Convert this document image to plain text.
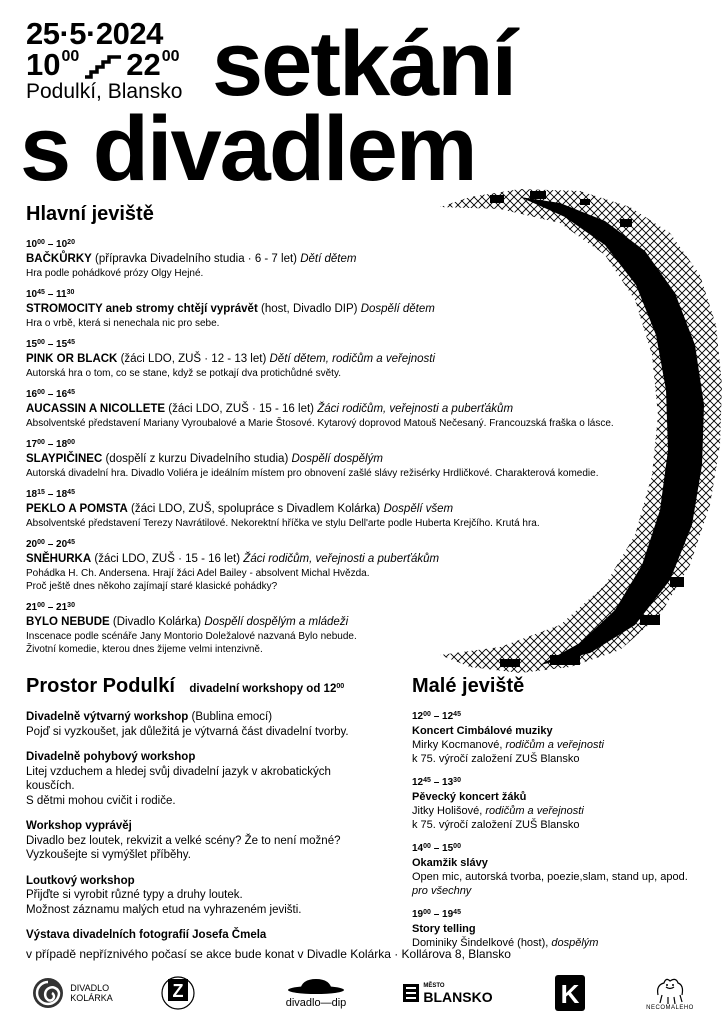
25·5·2024
$10^{00}$ $22^{00}$
Podulkí, Blansko setkání
s divadlem
Hlavní jeviště
$10^{00} - 10^{20}$
BAČKŮRKY (přípravka Divadelního studia · 6 - 7 let) Dětí dětem
Hra podle pohádkové prózy Olgy Hejné.
$10^{45} - 11^{30}$
STROMOCITY aneb stromy chtějí vyprávět (host, Divadlo DIP) Dospělí dětem
Hra o vrbě, která si nenechala nic pro sebe.
$15^{00} - 15^{45}$
PINK OR BLACK (žáci LDO, ZUŠ · 12 - 13 let) Dětí dětem, rodičům a veřejnosti
Autorská hra o tom, co se stane, když se potkají dva protichůdné světy.
$16^{00} - 16^{45}$
AUCASSIN A NICOLLETE (žáci LDO, ZUŠ · 15 - 16 let) Žáci rodičům, veřejnosti a puberťákům
Absolventské představení Mariany Vyroubalové a Marie Štosové. Kytarový doprovod Matouš Nečesaný. Francouzská fraška o lásce.
$17^{00} - 18^{00}$
SLAYPIČINEC (dospělí z kurzu Divadelního studia) Dospělí dospělým
Autorská divadelní hra. Divadlo Voliéra je ideálním místem pro obnovení zašlé slávy režisérky Hrdličkové. Charakterová komedie.
$18^{15} - 18^{45}$
PEKLO A POMSTA (žáci LDO, ZUŠ, spolupráce s Divadlem Kolárka) Dospělí všem
Absolventské představení Terezy Navrátilové. Nekorektní hříčka ve stylu Dell'arte podle Huberta Krejčího. Krutá hra.
$20^{00} - 20^{45}$
SNĚHURKA (žáci LDO, ZUŠ · 15 - 16 let) Žáci rodičům, veřejnosti a puberťákům
Pohádka H. Ch. Andersena. Hrají žáci Adel Bailey - absolvent Michal Hvězda.
Proč ještě dnes někoho zajímají staré klasické pohádky?
$21^{00} - 21^{30}$
BYLO NEBUDE (Divadlo Kolárka) Dospělí dospělým a mládeži
Inscenace podle scénáře Jany Montorio Doležalové nazvaná Bylo nebude.
Životní komedie, kterou dnes žijeme velmi intenzivně.
Prostor Podulkí divadelní workshopy od $12^{00}$
Divadelně výtvarný workshop (Bublina emocí)
Pojď si vyzkoušet, jak důležitá je výtvarná část divadelní tvorby.
Divadelně pohybový workshop
Litej vzduchem a hledej svůj divadelní jazyk v akrobatických
kousčích.
S dětmi mohou cvičit i rodiče.
Workshop vyprávěj
Divadlo bez loutek, rekvizit a velké scény? Že to není možné?
Vyzkoušejte si vymýšlet příběhy.
Loutkový workshop
Přijďte si vyrobit různé typy a druhy loutek.
Možnost záznamu malých etud na vyhrazeném jevišti.
Výstava divadelních fotografií Josefa Čmela
Malé jeviště
$12^{00} - 12^{45}$
Koncert Cimbálové muziky
Mirky Kocmanové, rodičům a veřejnosti
k 75. výročí založení ZUŠ Blansko
$12^{45} - 13^{30}$
Pěvecký koncert žáků
Jitky Holišové, rodičům a veřejnosti
k 75. výročí založení ZUŠ Blansko
$14^{00} - 15^{00}$
Okamžik slávy
Open mic, autorská tvorba, poezie,slam, stand up, apod.
pro všechny
$19^{00} - 19^{45}$
Story telling
Dominiky Šindelkové (host), dospělým
v případě nepříznivého počasí se akce bude konat v Divadle Kolárka · Kollárova 8, Blansko
DIVADLO
KOLÁRKA	Z
divadlo—dip
MĚSTO
BLANSKO	K	NECOMALEHO
